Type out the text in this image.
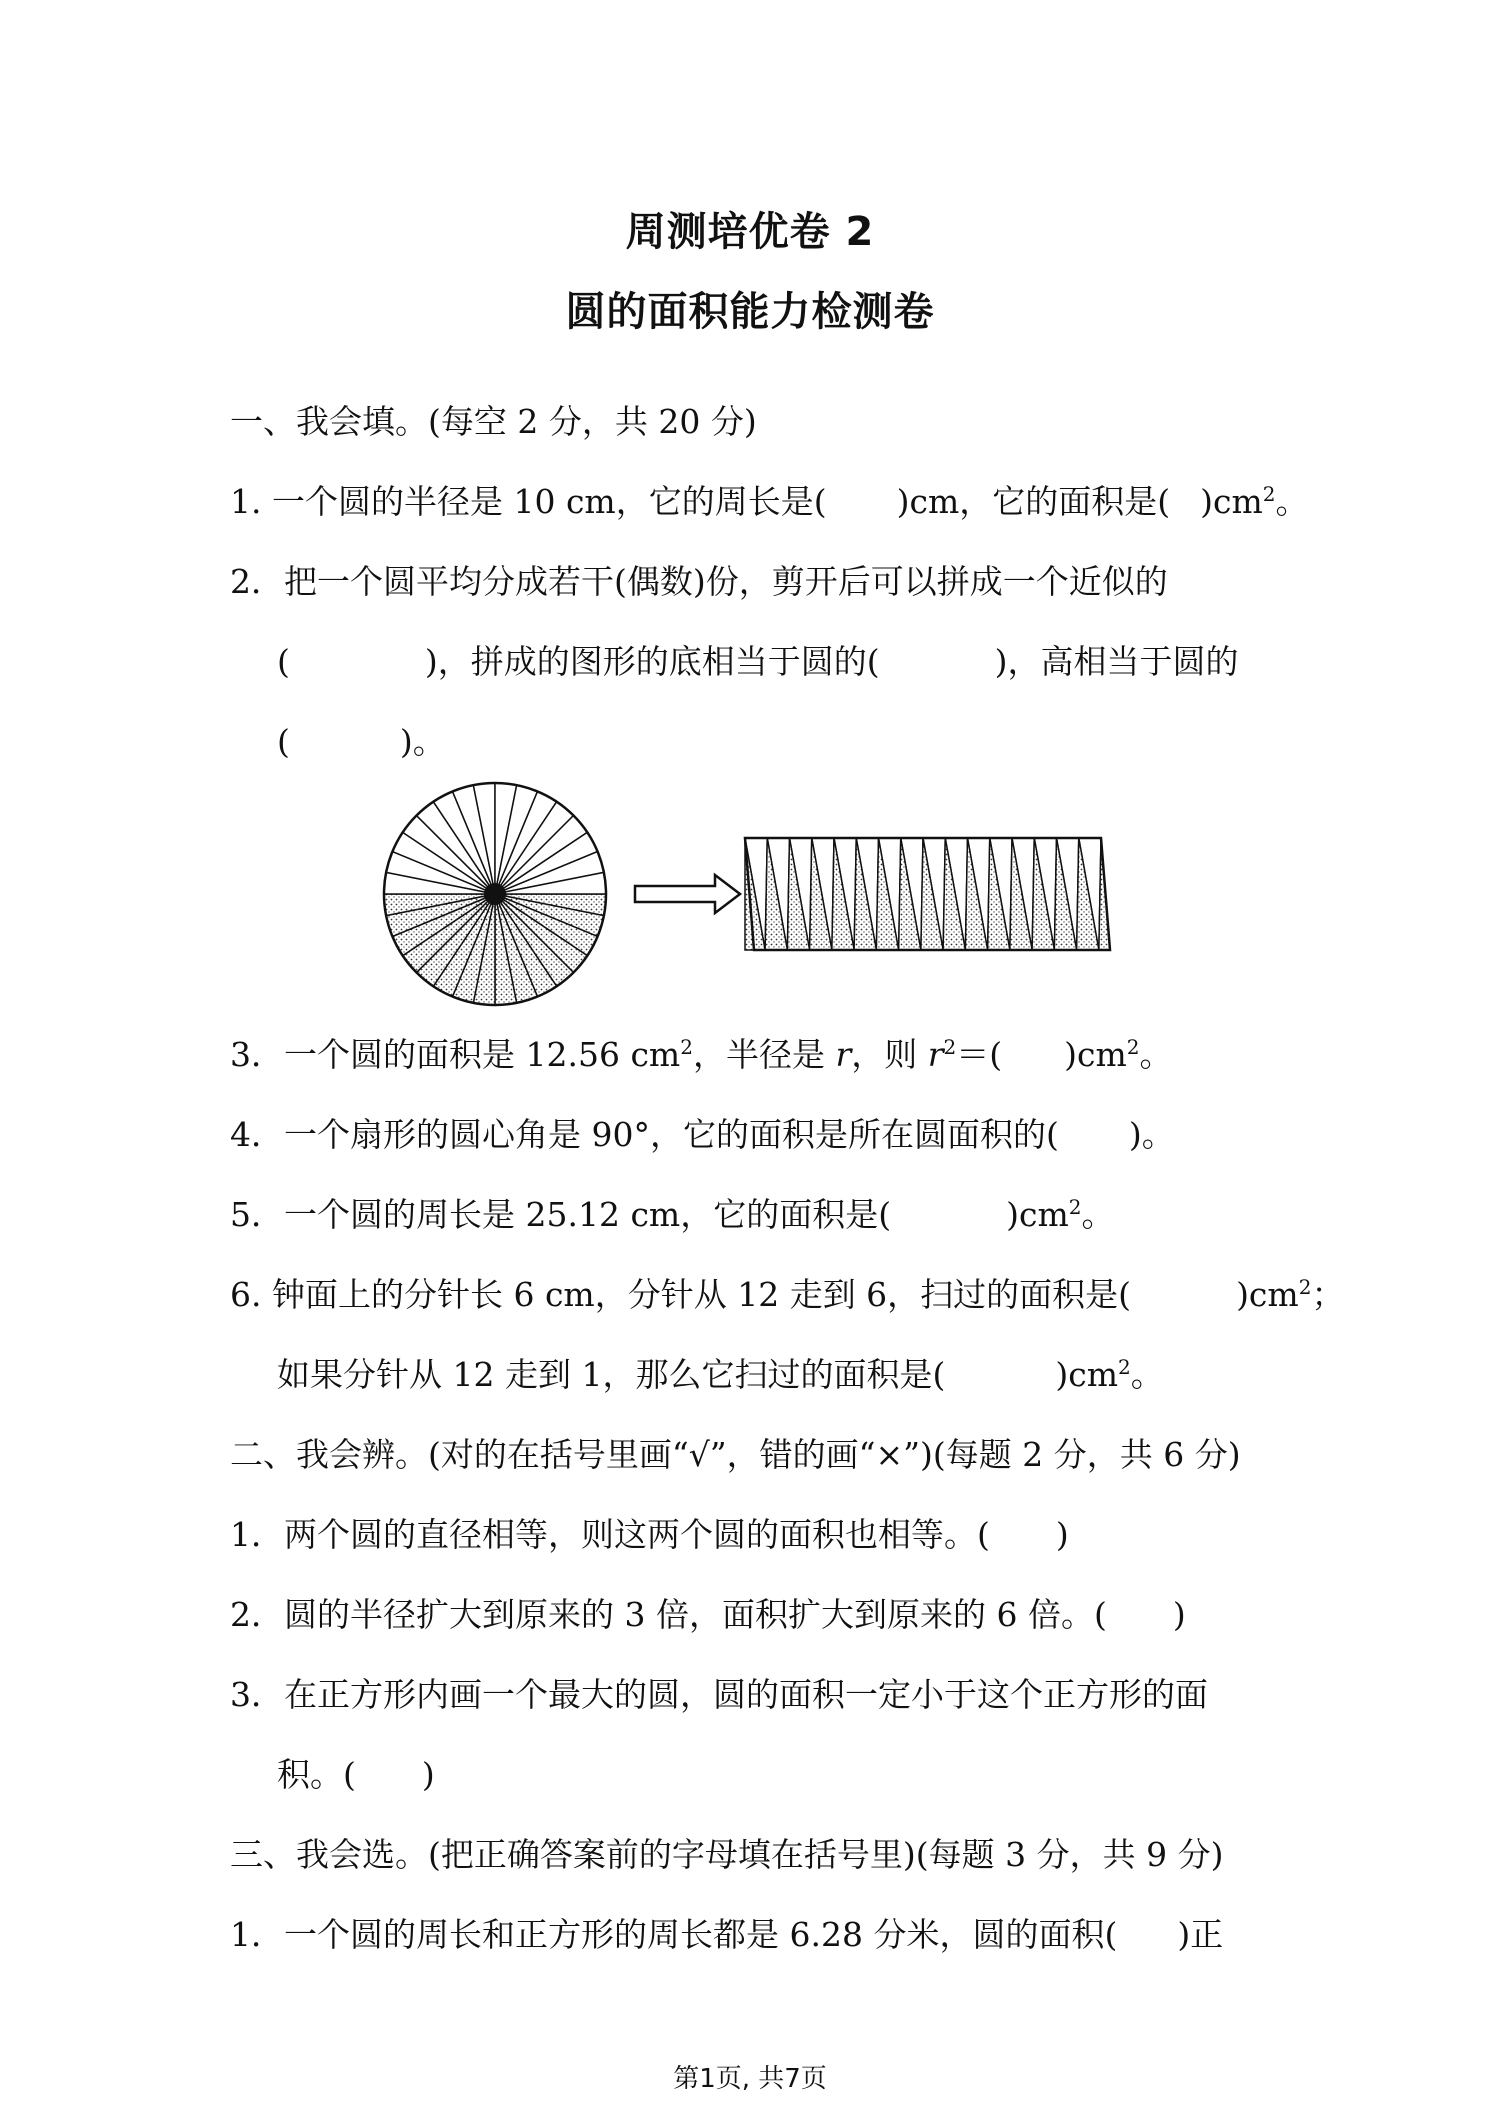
周测培优卷 2
圆的面积能力检测卷
一、我会填。(每空 2 分，共 20 分)
1. 一个圆的半径是 10 cm，它的周长是( )cm，它的面积是( )$cm^2$。
2．把一个圆平均分成若干(偶数)份，剪开后可以拼成一个近似的
(	)，拼成的图形的底相当于圆的(	)，高相当于圆的
(	)。
3．一个圆的面积是 12.56 $cm^2$，半径是 r，则 $r^2=$( )$cm^2$。
4．一个扇形的圆心角是 90°，它的面积是所在圆面积的( )。
5．一个圆的周长是 25.12 cm，它的面积是(	)$cm^2$。
6. 钟面上的分针长 6 cm，分针从 12 走到 6，扫过的面积是(	)$cm^2$；
如果分针从 12 走到 1，那么它扫过的面积是(	)$cm^2$。
二、我会辨。(对的在括号里画“√”，错的画“×”)(每题 2 分，共 6 分)
1．两个圆的直径相等，则这两个圆的面积也相等。(　　)
2．圆的半径扩大到原来的 3 倍，面积扩大到原来的 6 倍。(　　)
3．在正方形内画一个最大的圆，圆的面积一定小于这个正方形的面
积。(　　)
三、我会选。(把正确答案前的字母填在括号里)(每题 3 分，共 9 分)
1．一个圆的周长和正方形的周长都是 6.28 分米，圆的面积( )正
第1页, 共7页
